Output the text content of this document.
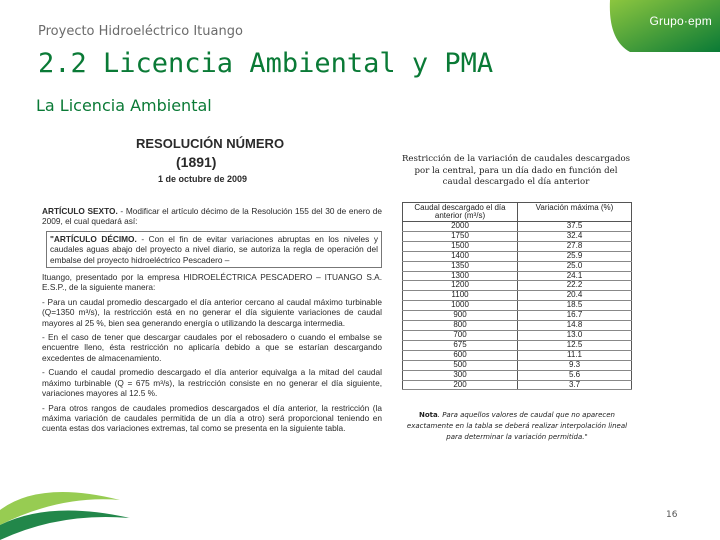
Grupo·epm
Proyecto Hidroeléctrico Ituango
2.2 Licencia Ambiental y PMA
La Licencia Ambiental
RESOLUCIÓN NÚMERO
(1891)
1 de octubre de 2009

ARTÍCULO SEXTO. - Modificar el artículo décimo de la Resolución 155 del 30 de enero de 2009, el cual quedará así:

"ARTÍCULO DÉCIMO. - Con el fin de evitar variaciones abruptas en los niveles y caudales aguas abajo del proyecto a nivel diario, se autoriza la regla de operación del embalse del proyecto hidroeléctrico Pescadero –

Ituango, presentado por la empresa HIDROELÉCTRICA PESCADERO – ITUANGO S.A. E.S.P., de la siguiente manera:

- Para un caudal promedio descargado el día anterior cercano al caudal máximo turbinable (Q=1350 m³/s), la restricción está en no generar el día siguiente variaciones de caudal mayores al 25 %, bien sea generando energía o utilizando la descarga intermedia.

- En el caso de tener que descargar caudales por el rebosadero o cuando el embalse se encuentre lleno, ésta restricción no aplicaría debido a que se estarían descargando excedentes de almacenamiento.

- Cuando el caudal promedio descargado el día anterior equivalga a la mitad del caudal máximo turbinable (Q = 675 m³/s), la restricción consiste en no generar el día siguiente, variaciones mayores al 12.5 %.

- Para otros rangos de caudales promedios descargados el día anterior, la restricción (la máxima variación de caudales permitida de un día a otro) será proporcional teniendo en cuenta estas dos variaciones extremas, tal como se presenta en la siguiente tabla.

Restricción de la variación de caudales descargados por la central, para un día dado en función del caudal descargado el día anterior
Caudal descargado el día anterior (m³/s)	Variación máxima (%)
2000	37.5
1750	32.4
1500	27.8
1400	25.9
1350	25.0
1300	24.1
1200	22.2
1100	20.4
1000	18.5
900	16.7
800	14.8
700	13.0
675	12.5
600	11.1
500	9.3
300	5.6
200	3.7
Nota. Para aquellos valores de caudal que no aparecen exactamente en la tabla se deberá realizar interpolación lineal para determinar la variación permitida."
16
